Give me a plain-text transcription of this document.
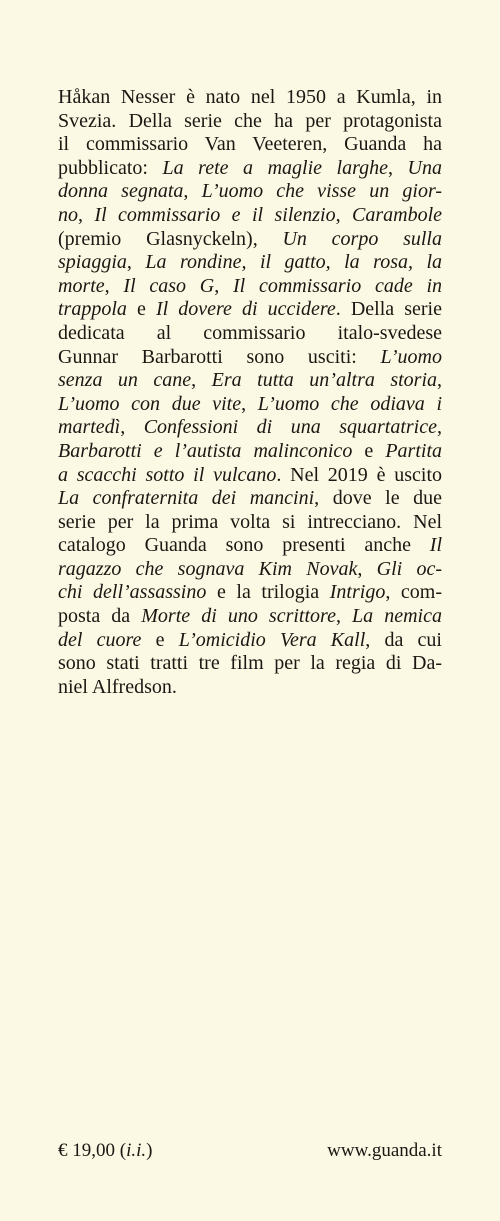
Håkan Nesser è nato nel 1950 a Kumla, in

Svezia. Della serie che ha per protagonista

il commissario Van Veeteren, Guanda ha

pubblicato: La rete a maglie larghe, Una

donna segnata, L’uomo che visse un gior-

no, Il commissario e il silenzio, Carambole

(premio Glasnyckeln), Un corpo sulla

spiaggia, La rondine, il gatto, la rosa, la

morte, Il caso G, Il commissario cade in

trappola e Il dovere di uccidere. Della serie

dedicata al commissario italo-svedese

Gunnar Barbarotti sono usciti: L’uomo

senza un cane, Era tutta un’altra storia,

L’uomo con due vite, L’uomo che odiava i

martedì, Confessioni di una squartatrice,

Barbarotti e l’autista malinconico e Partita

a scacchi sotto il vulcano. Nel 2019 è uscito

La confraternita dei mancini, dove le due

serie per la prima volta si intrecciano. Nel

catalogo Guanda sono presenti anche Il

ragazzo che sognava Kim Novak, Gli oc-

chi dell’assassino e la trilogia Intrigo, com-

posta da Morte di uno scrittore, La nemica

del cuore e L’omicidio Vera Kall, da cui

sono stati tratti tre film per la regia di Da-

niel Alfredson.

€ 19,00 (i.i.)	www.guanda.it
